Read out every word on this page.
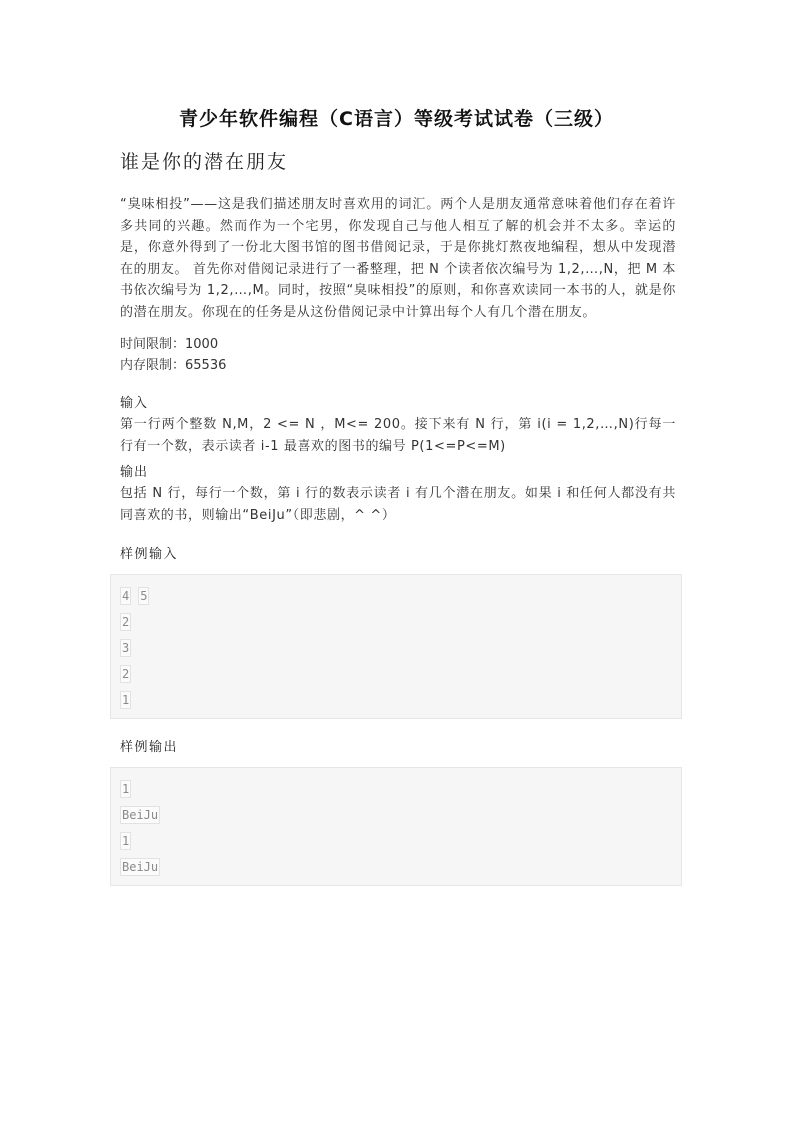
青少年软件编程（C语言）等级考试试卷（三级）
谁是你的潜在朋友

“臭味相投”——这是我们描述朋友时喜欢用的词汇。两个人是朋友通常意味着他们存在着许多共同的兴趣。然而作为一个宅男，你发现自己与他人相互了解的机会并不太多。幸运的是，你意外得到了一份北大图书馆的图书借阅记录，于是你挑灯熬夜地编程，想从中发现潜在的朋友。 首先你对借阅记录进行了一番整理，把 N 个读者依次编号为 1,2,…,N，把 M 本书依次编号为 1,2,…,M。同时，按照“臭味相投”的原则，和你喜欢读同一本书的人，就是你的潜在朋友。你现在的任务是从这份借阅记录中计算出每个人有几个潜在朋友。

时间限制：1000
内存限制：65536
输入

第一行两个整数 N,M，2 <= N ，M<= 200。接下来有 N 行，第 i(i = 1,2,…,N)行每一行有一个数，表示读者 i-1 最喜欢的图书的编号 P(1<=P<=M)

输出

包括 N 行，每行一个数，第 i 行的数表示读者 i 有几个潜在朋友。如果 i 和任何人都没有共同喜欢的书，则输出“BeiJu”（即悲剧，^ ^）

样例输入
4 5
2
3
2
1
样例输出
1
BeiJu
1
BeiJu
